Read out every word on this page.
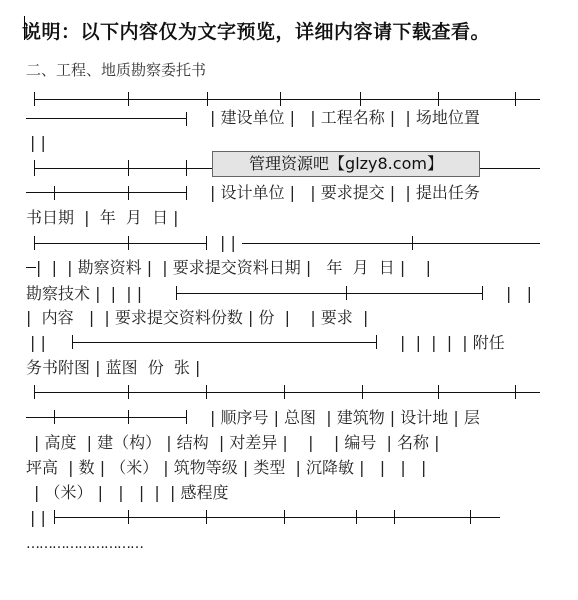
说明：以下内容仅为文字预览，详细内容请下载查看。
二、工程、地质勘察委托书
| 建设单位 |   | 工程名称 |  | 场地位置
| |
管理资源吧【glzy8.com】
| 设计单位 |   | 要求提交 |  | 提出任务
书日期  |  年  月  日 |
| |
|  |  | 勘察资料 |  | 要求提交资料日期 |   年  月  日 |    |
勘察技术 |  |  | |	|   |
|  内容   |  | 要求提交资料份数 | 份  |    | 要求  |
| |	|  |  |  |  | 附任
务书附图 | 蓝图  份  张 |
| 顺序号 | 总图  | 建筑物 | 设计地 | 层
| 高度  | 建（构） | 结构  | 对差异 |    |    | 编号  | 名称 |
坪高  | 数 | （米） | 筑物等级 | 类型  | 沉降敏 |   |   |   |
| （米） |   |   |  |  | 感程度
| |
………………………
